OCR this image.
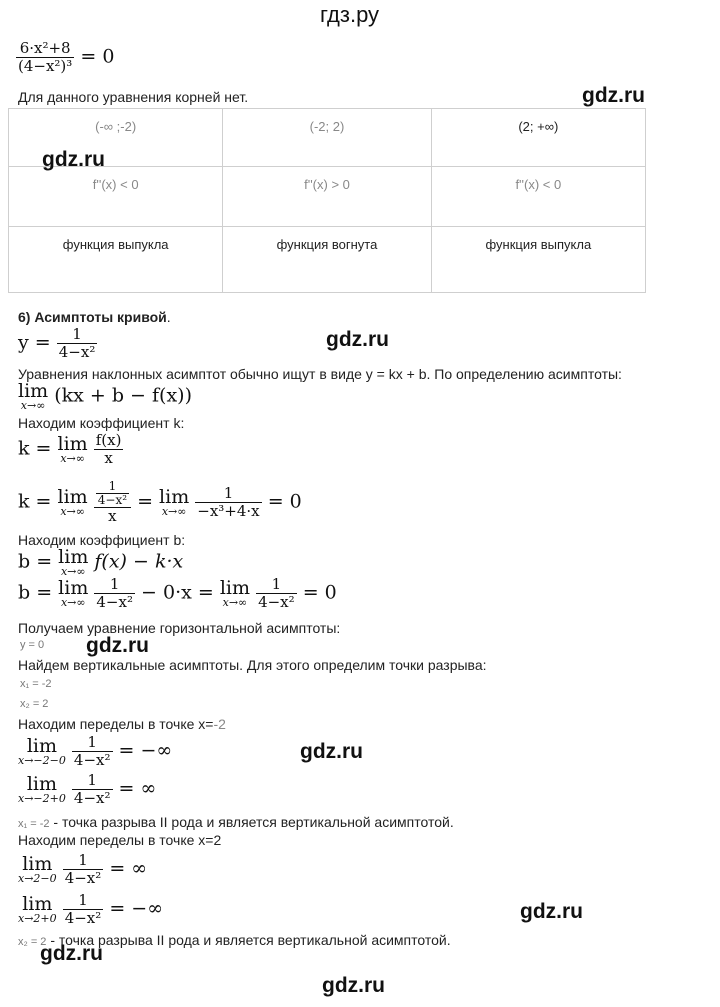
гдз.ру
$\frac{\text{6·x²+8}}{\text{(4−x²)³}} = 0$
Для данного уравнения корней нет.	gdz.ru
(-∞ ;-2)	(-2; 2)	(2; +∞)
f''(x) < 0	f''(x) > 0	f''(x) < 0
функция выпукла	функция вогнута	функция выпукла
gdz.ru
6) Асимптоты кривой.
$y = \frac{1}{\text{4−x²}}$	gdz.ru
Уравнения наклонных асимптот обычно ищут в виде y = kx + b. По определению асимптоты:
lim
x→∞ (kx + b − f(x))
Находим коэффициент k:
k = lim
x→∞
$\frac{f(x)}{x}$
k = lim
x→∞
$\frac{\frac{1}{\text{4−x²}}}{x} = \lim$
x→∞
$\frac{1}{\text{−x³+4·x}} = 0$
Находим коэффициент b:
b = lim
x→∞ f(x) − k·x
b = lim
x→∞
$\frac{1}{\text{4−x²}} - 0\cdot x = \lim$
x→∞
$\frac{1}{\text{4−x²}} = 0$
Получаем уравнение горизонтальной асимптоты:
y = 0 gdz.ru
Найдем вертикальные асимптоты. Для этого определим точки разрыва:
x₁ = -2
x₂ = 2
Находим переделы в точке x=-2
lim
x→−2−0
$\frac{1}{\text{4−x²}}$ = −∞	gdz.ru
lim
x→−2+0
$\frac{1}{\text{4−x²}}$ = ∞
x₁ = -2 - точка разрыва II рода и является вертикальной асимптотой.
Находим переделы в точке x=2
lim
x→2−0
$\frac{1}{\text{4−x²}}$ = ∞
lim
x→2+0
$\frac{1}{\text{4−x²}}$ = −∞	gdz.ru
x₂ = 2 - точка разрыва II рода и является вертикальной асимптотой.
gdz.ru
gdz.ru
